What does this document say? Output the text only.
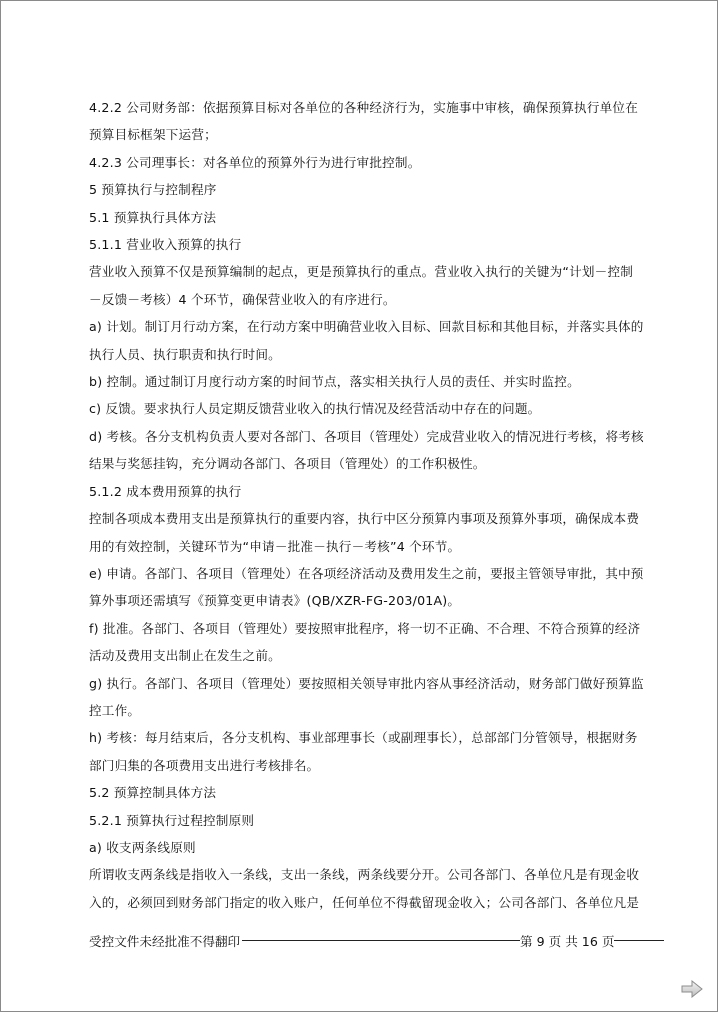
4.2.2 公司财务部：依据预算目标对各单位的各种经济行为，实施事中审核，确保预算执行单位在

预算目标框架下运营；

4.2.3 公司理事长：对各单位的预算外行为进行审批控制。

5 预算执行与控制程序

5.1 预算执行具体方法

5.1.1 营业收入预算的执行

营业收入预算不仅是预算编制的起点，更是预算执行的重点。营业收入执行的关键为“计划－控制

－反馈－考核）4 个环节，确保营业收入的有序进行。

a) 计划。制订月行动方案，在行动方案中明确营业收入目标、回款目标和其他目标，并落实具体的

执行人员、执行职责和执行时间。

b) 控制。通过制订月度行动方案的时间节点，落实相关执行人员的责任、并实时监控。

c) 反馈。要求执行人员定期反馈营业收入的执行情况及经营活动中存在的问题。

d) 考核。各分支机构负责人要对各部门、各项目（管理处）完成营业收入的情况进行考核，将考核

结果与奖惩挂钩，充分调动各部门、各项目（管理处）的工作积极性。

5.1.2 成本费用预算的执行

控制各项成本费用支出是预算执行的重要内容，执行中区分预算内事项及预算外事项，确保成本费

用的有效控制，关键环节为“申请－批准－执行－考核”4 个环节。

e) 申请。各部门、各项目（管理处）在各项经济活动及费用发生之前，要报主管领导审批，其中预

算外事项还需填写《预算变更申请表》(QB/XZR-FG-203/01A)。

f) 批准。各部门、各项目（管理处）要按照审批程序，将一切不正确、不合理、不符合预算的经济

活动及费用支出制止在发生之前。

g) 执行。各部门、各项目（管理处）要按照相关领导审批内容从事经济活动，财务部门做好预算监

控工作。

h) 考核：每月结束后，各分支机构、事业部理事长（或副理事长），总部部门分管领导，根据财务

部门归集的各项费用支出进行考核排名。

5.2 预算控制具体方法

5.2.1 预算执行过程控制原则

a) 收支两条线原则

所谓收支两条线是指收入一条线，支出一条线，两条线要分开。公司各部门、各单位凡是有现金收

入的，必须回到财务部门指定的收入账户，任何单位不得截留现金收入；公司各部门、各单位凡是

受控文件未经批准不得翻印	第 9 页 共 16 页
